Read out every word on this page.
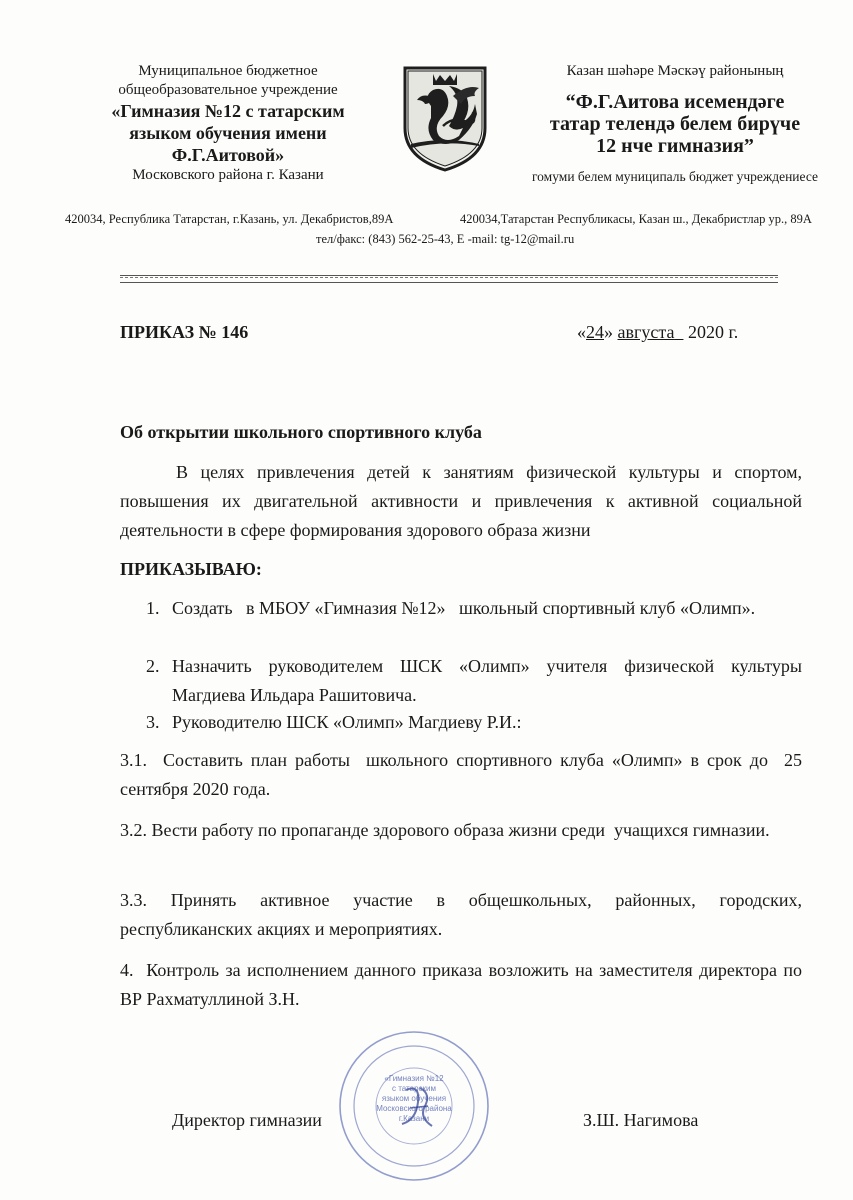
Муниципальное бюджетное
общеобразовательное учреждение
«Гимназия №12 с татарским
языком обучения имени
Ф.Г.Аитовой»
Московского района г. Казани
Казан шәһәре Мәскәү районының
“Ф.Г.Аитова исемендәге
татар телендә белем бирүче
12 нче гимназия”
гомуми белем муниципаль бюджет учреждениесе
420034, Республика Татарстан, г.Казань, ул. Декабристов,89А	420034,Татарстан Республикасы, Казан ш., Декабристлар ур., 89А
тел/факс: (843) 562-25-43, Е -mail: tg-12@mail.ru
ПРИКАЗ № 146	«24» августа   2020 г.
Об открытии школьного спортивного клуба
В целях привлечения детей к занятиям физической культуры и спортом, повышения их двигательной активности и привлечения к активной социальной деятельности в сфере формирования здорового образа жизни
ПРИКАЗЫВАЮ:
1. Создать   в МБОУ «Гимназия №12»   школьный спортивный клуб «Олимп».
2. Назначить руководителем ШСК «Олимп» учителя физической культуры Магдиева Ильдара Рашитовича.
3. Руководителю ШСК «Олимп» Магдиеву Р.И.:
3.1.  Составить план работы  школьного спортивного клуба «Олимп» в срок до  25 сентября 2020 года.
3.2. Вести работу по пропаганде здорового образа жизни среди  учащихся гимназии.
3.3. Принять активное участие в общешкольных, районных, городских, республиканских акциях и мероприятиях.
4.  Контроль за исполнением данного приказа возложить на заместителя директора по ВР Рахматуллиной З.Н.
«Гимназия №12
с татарским
языком обучения
Московского района
г.Казани
Директор гимназии	З.Ш. Нагимова
